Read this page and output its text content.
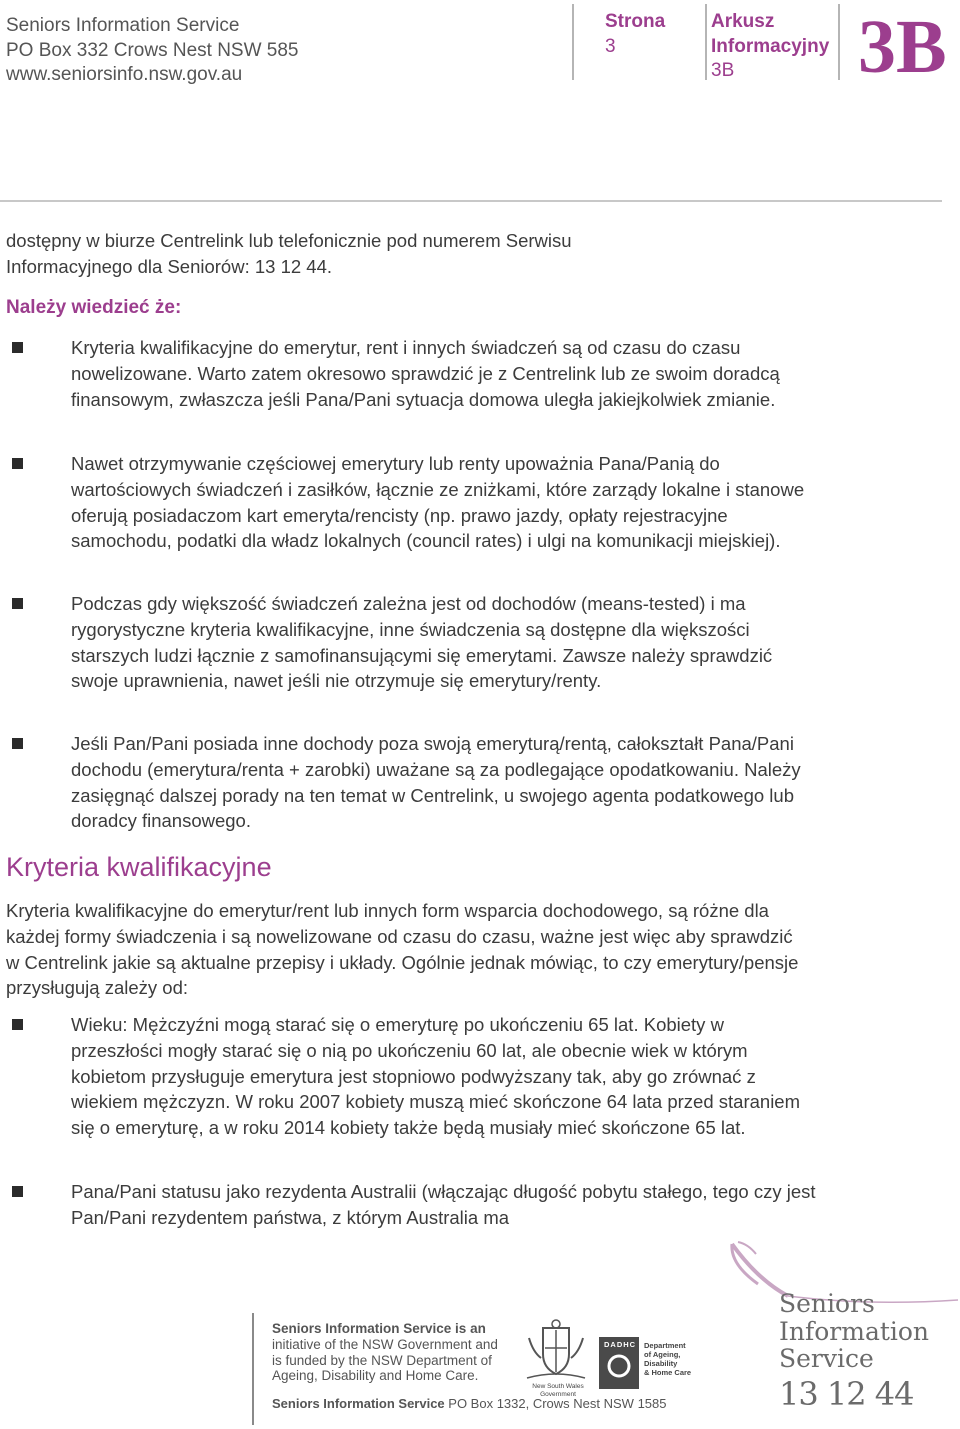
Seniors Information Service
PO Box 332 Crows Nest NSW 585
www.seniorsinfo.nsw.gov.au
Strona
3
Arkusz
Informacyjny
3B	3B

dostępny w biurze Centrelink lub telefonicznie pod numerem Serwisu

Informacyjnego dla Seniorów: 13 12 44.

Należy wiedzieć że:
Kryteria kwalifikacyjne do emerytur, rent i innych świadczeń są od czasu do czasu nowelizowane. Warto zatem okresowo sprawdzić je z Centrelink lub ze swoim doradcą finansowym, zwłaszcza jeśli Pana/Pani sytuacja domowa uległa jakiejkolwiek zmianie.
Nawet otrzymywanie częściowej emerytury lub renty upoważnia Pana/Panią do wartościowych świadczeń i zasiłków, łącznie ze zniżkami, które zarządy lokalne i stanowe oferują posiadaczom kart emeryta/rencisty (np. prawo jazdy, opłaty rejestracyjne samochodu, podatki dla władz lokalnych (council rates) i ulgi na komunikacji miejskiej).
Podczas gdy większość świadczeń zależna jest od dochodów (means-tested) i ma rygorystyczne kryteria kwalifikacyjne, inne świadczenia są dostępne dla większości starszych ludzi łącznie z samofinansującymi się emerytami. Zawsze należy sprawdzić swoje uprawnienia, nawet jeśli nie otrzymuje się emerytury/renty.
Jeśli Pan/Pani posiada inne dochody poza swoją emeryturą/rentą, całokształt Pana/Pani dochodu (emerytura/renta + zarobki) uważane są za podlegające opodatkowaniu. Należy zasięgnąć dalszej porady na ten temat w Centrelink, u swojego agenta podatkowego lub doradcy finansowego.
Kryteria kwalifikacyjne
Kryteria kwalifikacyjne do emerytur/rent lub innych form wsparcia dochodowego, są różne dla każdej formy świadczenia i są nowelizowane od czasu do czasu, ważne jest więc aby sprawdzić w Centrelink jakie są aktualne przepisy i układy. Ogólnie jednak mówiąc, to czy emerytury/pensje przysługują zależy od:
Wieku: Mężczyźni mogą starać się o emeryturę po ukończeniu 65 lat. Kobiety w przeszłości mogły starać się o nią po ukończeniu 60 lat, ale obecnie wiek w którym kobietom przysługuje emerytura jest stopniowo podwyższany tak, aby go zrównać z wiekiem mężczyzn. W roku 2007 kobiety muszą mieć skończone 64 lata przed staraniem się o emeryturę, a w roku 2014 kobiety także będą musiały mieć skończone 65 lat.
Pana/Pani statusu jako rezydenta Australii (włączając długość pobytu stałego, tego czy jest Pan/Pani rezydentem państwa, z którym Australia ma
Seniors Information Service is an
initiative of the NSW Government and
is funded by the NSW Department of
Ageing, Disability and Home Care.
Seniors Information Service PO Box 1332, Crows Nest NSW 1585
New South Wales
Government
DADHC Department
of Ageing,
Disability
& Home Care
Seniors
Information
Service
13 12 44
